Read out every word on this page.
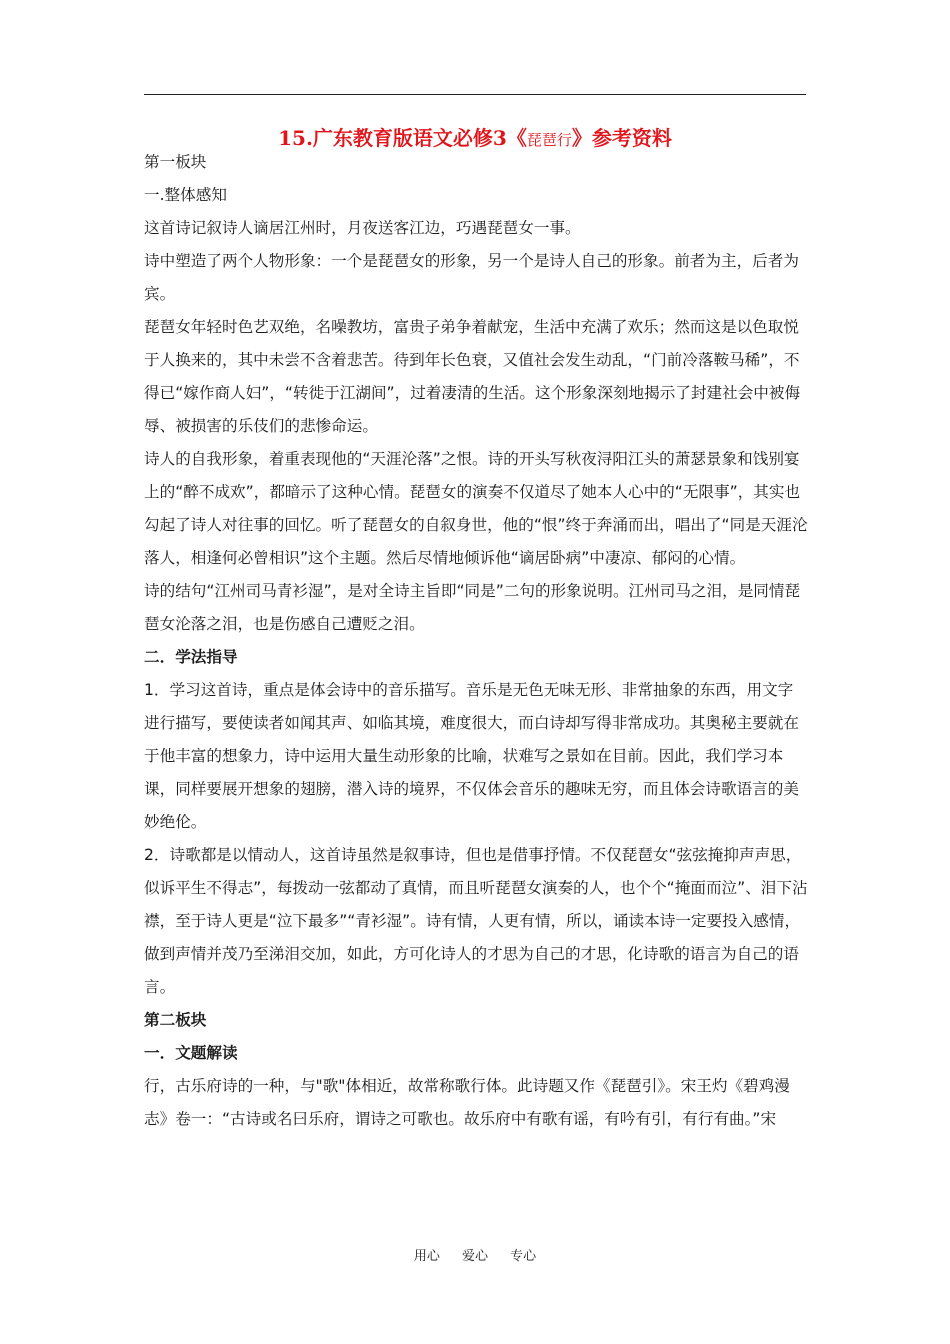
15.广东教育版语文必修3《琵琶行》参考资料

第一板块

一.整体感知

这首诗记叙诗人谪居江州时，月夜送客江边，巧遇琵琶女一事。

诗中塑造了两个人物形象：一个是琵琶女的形象，另一个是诗人自己的形象。前者为主，后者为宾。

琵琶女年轻时色艺双绝，名噪教坊，富贵子弟争着献宠，生活中充满了欢乐；然而这是以色取悦于人换来的，其中未尝不含着悲苦。待到年长色衰，又值社会发生动乱，“门前冷落鞍马稀”，不得已“嫁作商人妇”，“转徙于江湖间”，过着凄清的生活。这个形象深刻地揭示了封建社会中被侮辱、被损害的乐伎们的悲惨命运。

诗人的自我形象，着重表现他的“天涯沦落”之恨。诗的开头写秋夜浔阳江头的萧瑟景象和饯别宴上的“醉不成欢”，都暗示了这种心情。琵琶女的演奏不仅道尽了她本人心中的“无限事”，其实也勾起了诗人对往事的回忆。听了琵琶女的自叙身世，他的“恨”终于奔涌而出，唱出了“同是天涯沦落人，相逢何必曾相识”这个主题。然后尽情地倾诉他“谪居卧病”中凄凉、郁闷的心情。

诗的结句“江州司马青衫湿”，是对全诗主旨即“同是”二句的形象说明。江州司马之泪，是同情琵琶女沦落之泪，也是伤感自己遭贬之泪。

二．学法指导

1．学习这首诗，重点是体会诗中的音乐描写。音乐是无色无味无形、非常抽象的东西，用文字进行描写，要使读者如闻其声、如临其境，难度很大，而白诗却写得非常成功。其奥秘主要就在于他丰富的想象力，诗中运用大量生动形象的比喻，状难写之景如在目前。因此，我们学习本课，同样要展开想象的翅膀，潜入诗的境界，不仅体会音乐的趣味无穷，而且体会诗歌语言的美妙绝伦。

2．诗歌都是以情动人，这首诗虽然是叙事诗，但也是借事抒情。不仅琵琶女“弦弦掩抑声声思，似诉平生不得志”，每拨动一弦都动了真情，而且听琵琶女演奏的人，也个个“掩面而泣”、泪下沾襟，至于诗人更是“泣下最多”“青衫湿”。诗有情，人更有情，所以，诵读本诗一定要投入感情，做到声情并茂乃至涕泪交加，如此，方可化诗人的才思为自己的才思，化诗歌的语言为自己的语言。

第二板块

一．文题解读

行，古乐府诗的一种，与"歌"体相近，故常称歌行体。此诗题又作《琵琶引》。宋王灼《碧鸡漫志》卷一：“古诗或名曰乐府，谓诗之可歌也。故乐府中有歌有谣，有吟有引，有行有曲。”宋

用心 爱心 专心
